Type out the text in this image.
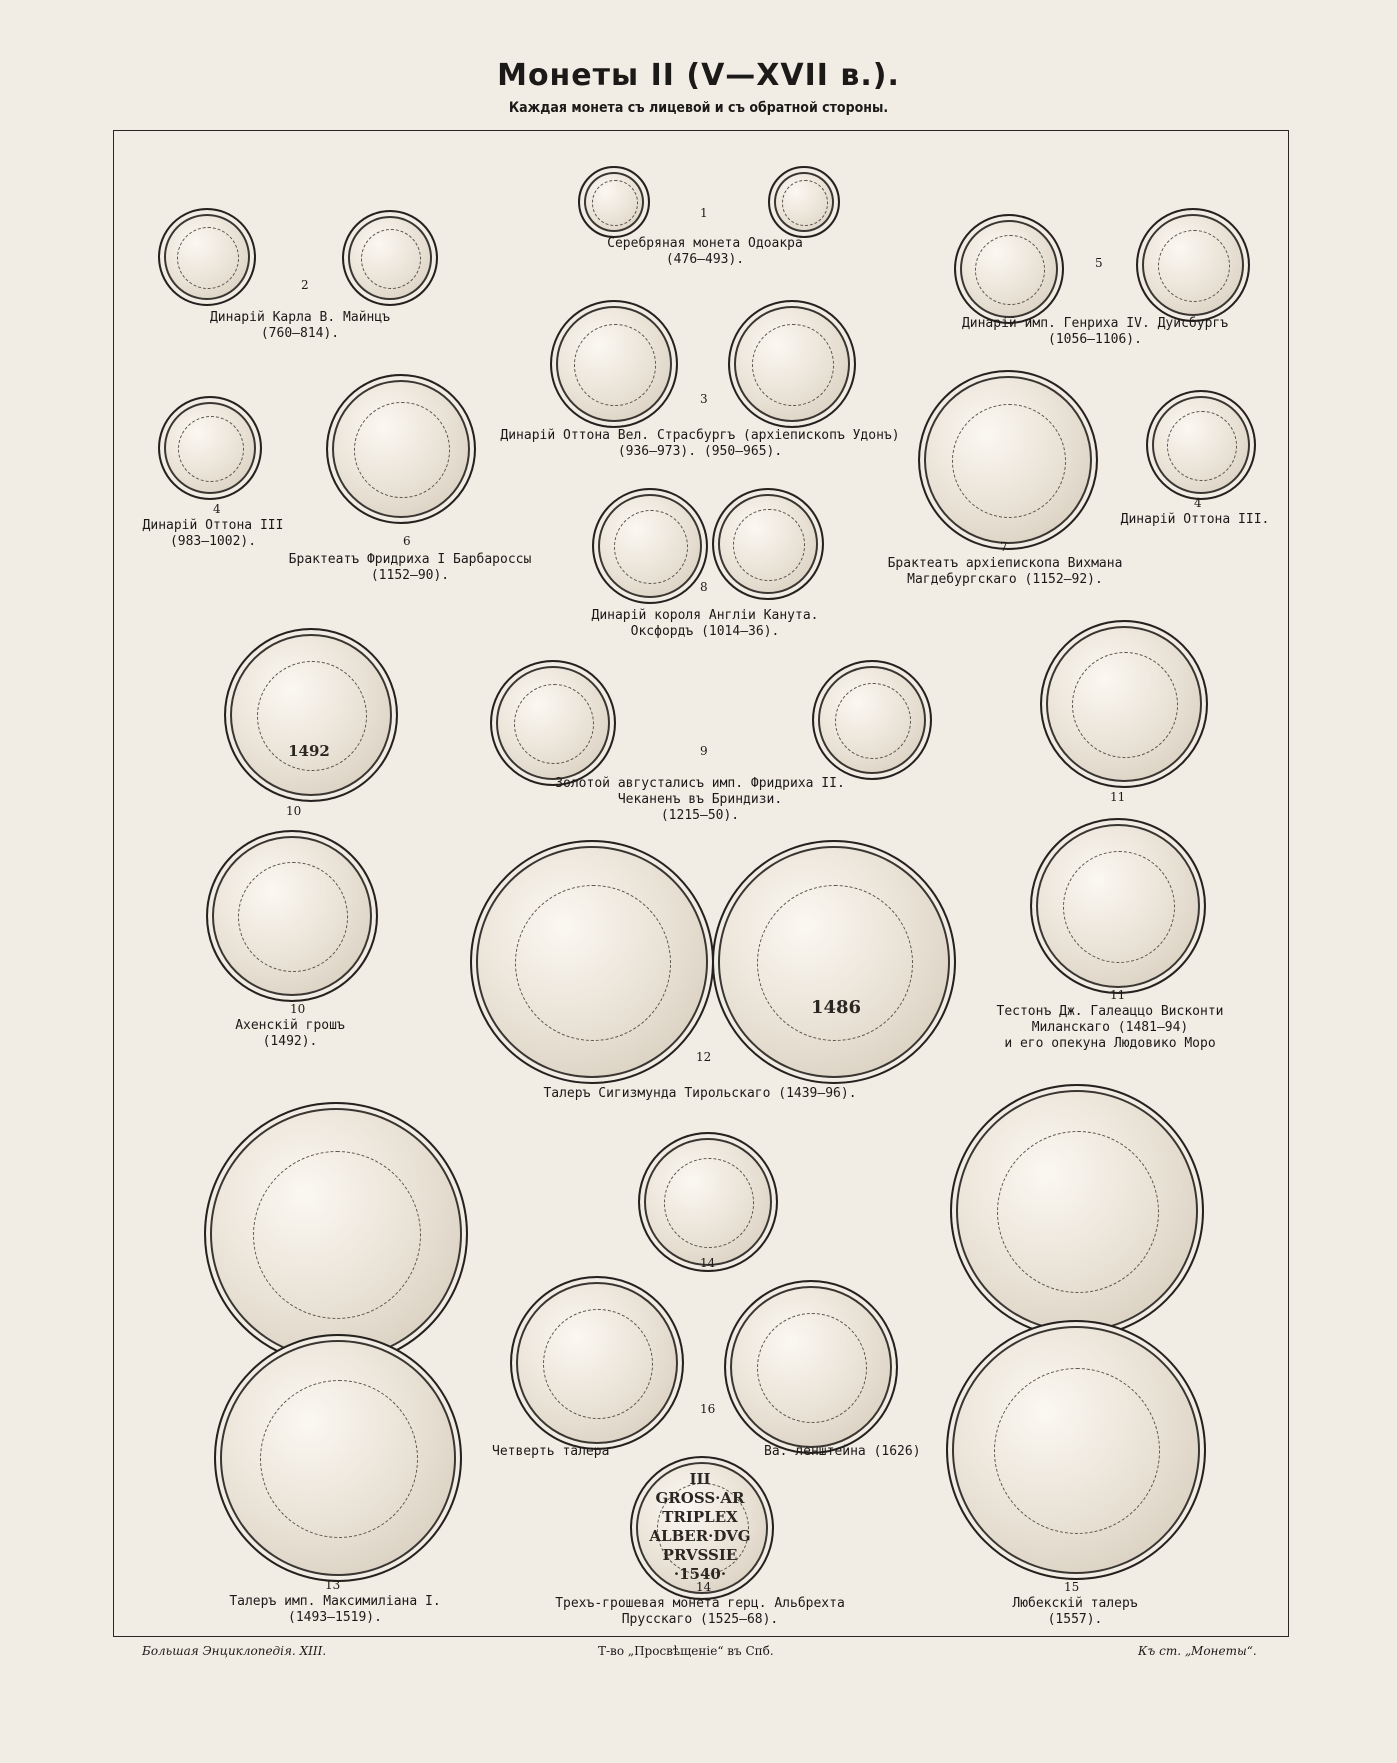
Монеты II (V—XVII в.).
Каждая монета съ лицевой и съ обратной стороны.
1
Серебряная монета Одоакра
(476—493).
2
Динарій Карла В. Майнцъ
(760—814).
3
Динарій Оттона Вел. Страсбургъ (архіепископъ Удонъ)
(936—973). (950—965).
4
Динарій Оттона III
(983—1002).	6
Брактеатъ Фридриха I Барбароссы
(1152—90).
5
Динарій имп. Генриха IV. Дуисбургъ
(1056—1106).
7
Брактеатъ архіепископа Вихмана
Магдебургскаго (1152—92).
4
Динарій Оттона III.
8
Динарій короля Англіи Канута.
Оксфордъ (1014—36).
1492
10
9
Золотой августалисъ имп. Фридриха II.
Чеканенъ въ Бриндизи.
(1215—50).
11
10
Ахенскій грошъ
(1492).
1486
12
Талеръ Сигизмунда Тирольскаго (1439—96).
11
Тестонъ Дж. Галеаццо Висконти
Миланскаго (1481—94)
и его опекуна Людовико Моро
13
Талеръ имп. Максимиліана I.
(1493—1519).
14
16
Четверть талера	Ва. ленштейна (1626)
III
GROSS·AR
TRIPLEX
ALBER·DVG
PRVSSIE
·1540·
14
Трехъ-грошевая монета герц. Альбрехта
Прусскаго (1525—68).
15
Любекскій талеръ
(1557).
Большая Энциклопедія. XIII.	Т-во „Просвѣщеніе“ въ Спб.	Къ ст. „Монеты“.
